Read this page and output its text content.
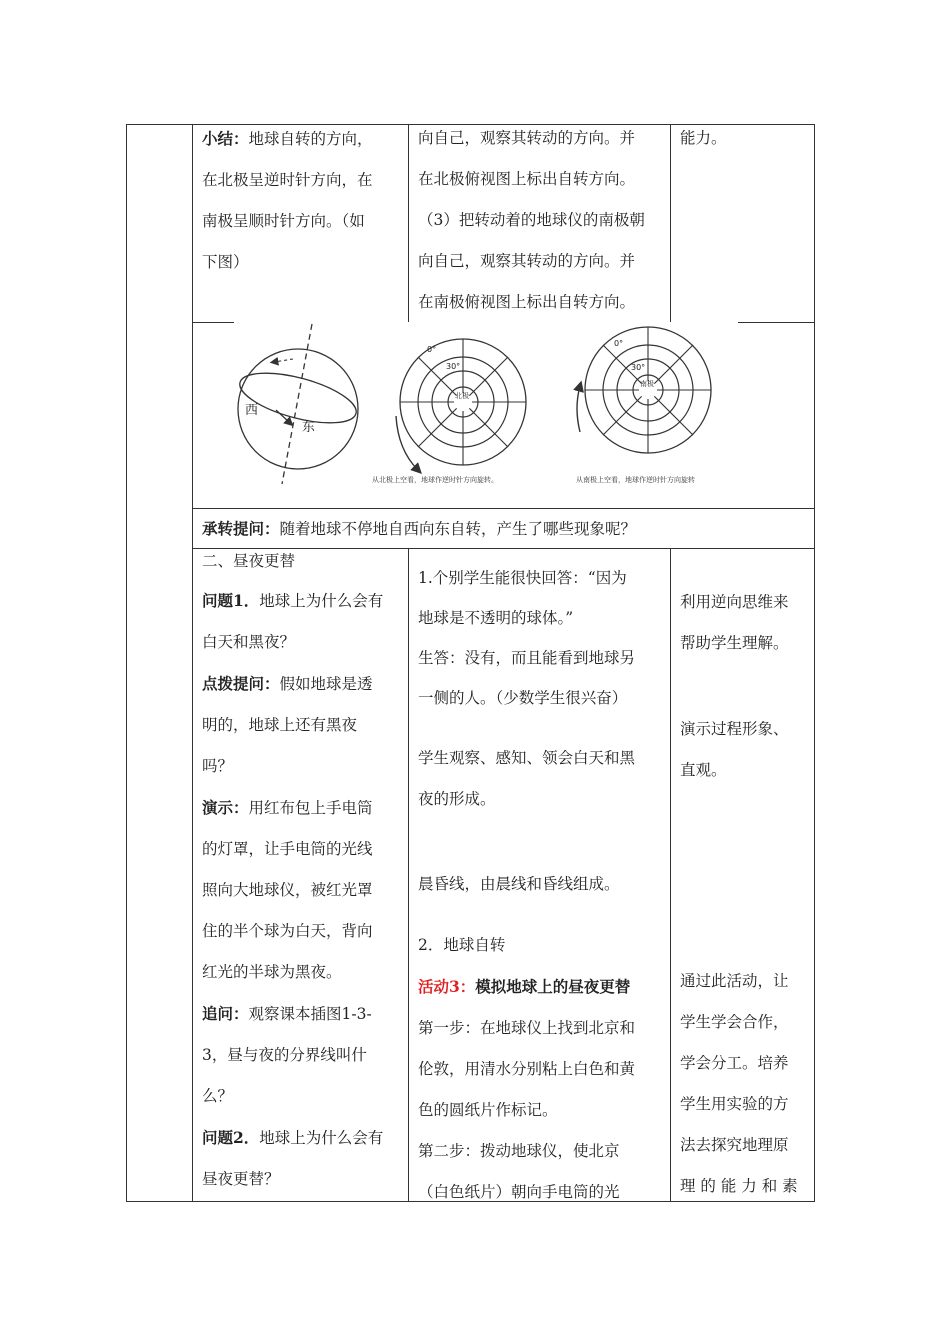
小结：地球自转的方向，

在北极呈逆时针方向，在

南极呈顺时针方向。（如

下图）

向自己，观察其转动的方向。并

在北极俯视图上标出自转方向。

（3）把转动着的地球仪的南极朝

向自己，观察其转动的方向。并

在南极俯视图上标出自转方向。

能力。

西
东
0°
30°
北极
0°
30°
南极
从北极上空看，地球作逆时针方向旋转。	从南极上空看，地球作逆时针方向旋转

承转提问：随着地球不停地自西向东自转，产生了哪些现象呢？

二、昼夜更替

问题1．地球上为什么会有

白天和黑夜？

点拨提问：假如地球是透

明的，地球上还有黑夜

吗？

演示：用红布包上手电筒

的灯罩，让手电筒的光线

照向大地球仪，被红光罩

住的半个球为白天，背向

红光的半球为黑夜。

追问：观察课本插图1-3-

3，昼与夜的分界线叫什

么？

问题2．地球上为什么会有

昼夜更替？

1.个别学生能很快回答：“因为

地球是不透明的球体。”

生答：没有，而且能看到地球另

一侧的人。（少数学生很兴奋）

学生观察、感知、领会白天和黑

夜的形成。

晨昏线，由晨线和昏线组成。

2．地球自转

活动3：模拟地球上的昼夜更替

第一步：在地球仪上找到北京和

伦敦，用清水分别粘上白色和黄

色的圆纸片作标记。

第二步：拨动地球仪，使北京

（白色纸片）朝向手电筒的光

利用逆向思维来

帮助学生理解。

演示过程形象、

直观。

通过此活动，让

学生学会合作，

学会分工。培养

学生用实验的方

法去探究地理原

理 的 能 力 和 素
